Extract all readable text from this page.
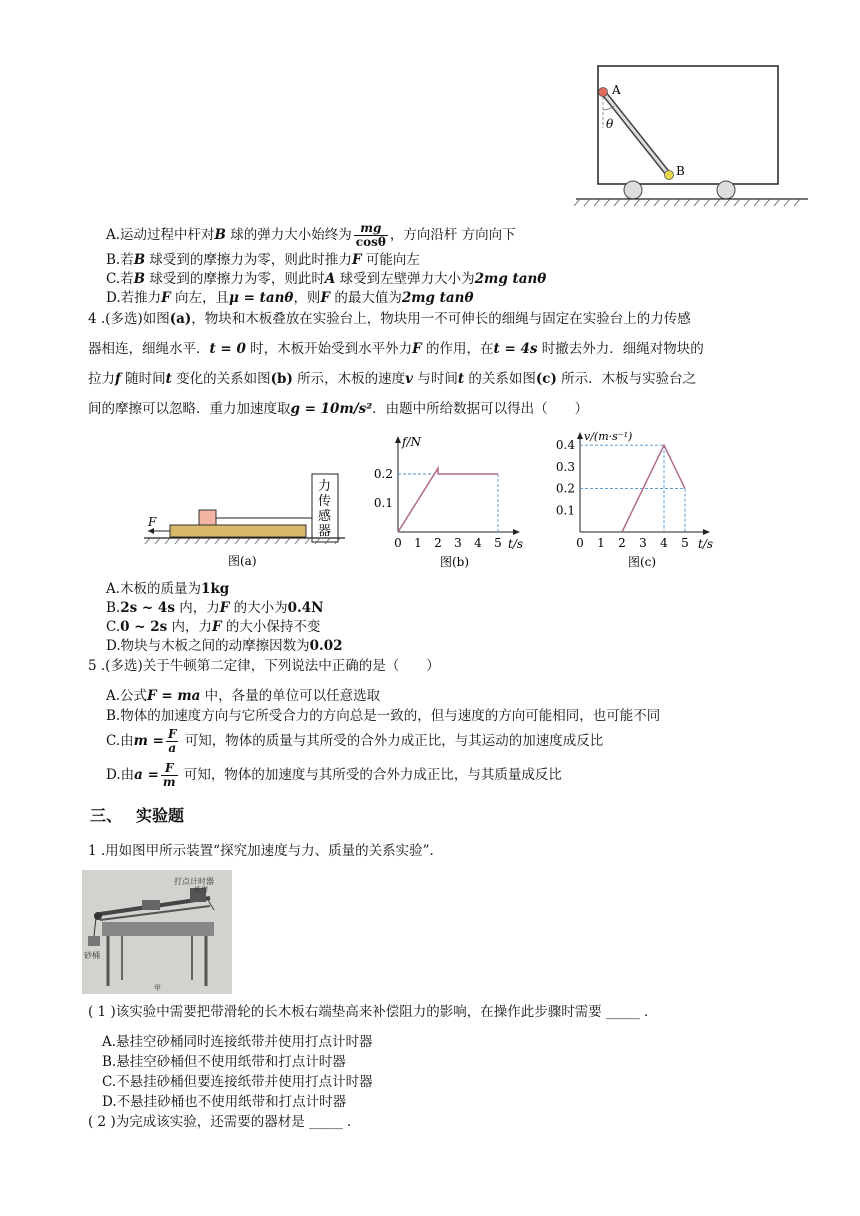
A
B
θ
A.运动过程中杆对B 球的弹力大小始终为 $\frac{mg}{\cos\theta}$ ，方向沿杆 方向向下
B.若B 球受到的摩擦力为零，则此时推力F 可能向左
C.若B 球受到的摩擦力为零，则此时A 球受到左壁弹力大小为2mg tanθ
D.若推力F 向左，且μ = tanθ，则F 的最大值为2mg tanθ
4 .(多选)如图(a)，物块和木板叠放在实验台上，物块用一不可伸长的细绳与固定在实验台上的力传感
器相连，细绳水平．t = 0 时，木板开始受到水平外力F 的作用，在t = 4s 时撤去外力．细绳对物块的
拉力f 随时间t 变化的关系如图(b) 所示，木板的速度v 与时间t 的关系如图(c) 所示．木板与实验台之
间的摩擦可以忽略．重力加速度取g = 10m/s²．由题中所给数据可以得出（　　）
力
传
感
器
F
图(a)
f/N
t/s
0.2
0.1
0 1 2 3 4 5
图(b)
v/(m·s⁻¹)
t/s
0.4
0.3
0.2
0.1
0 1 2 3 4 5
图(c)
A.木板的质量为1kg
B.2s ~ 4s 内，力F 的大小为0.4N
C.0 ~ 2s 内，力F 的大小保持不变
D.物块与木板之间的动摩擦因数为0.02
5 .(多选)关于牛顿第二定律，下列说法中正确的是（　　）
A.公式F = ma 中，各量的单位可以任意选取
B.物体的加速度方向与它所受合力的方向总是一致的，但与速度的方向可能相同，也可能不同
C.由$m = \frac{F}{a}$ 可知，物体的质量与其所受的合外力成正比，与其运动的加速度成反比
D.由$a = \frac{F}{m}$ 可知，物体的加速度与其所受的合外力成正比，与其质量成反比
三、 实验题
1 .用如图甲所示装置“探究加速度与力、质量的关系实验”．
打点计时器
纸带
砂桶
甲
( 1 )该实验中需要把带滑轮的长木板右端垫高来补偿阻力的影响，在操作此步骤时需要 _____ ．
A.悬挂空砂桶同时连接纸带并使用打点计时器
B.悬挂空砂桶但不使用纸带和打点计时器
C.不悬挂砂桶但要连接纸带并使用打点计时器
D.不悬挂砂桶也不使用纸带和打点计时器
( 2 )为完成该实验，还需要的器材是 _____ ．
